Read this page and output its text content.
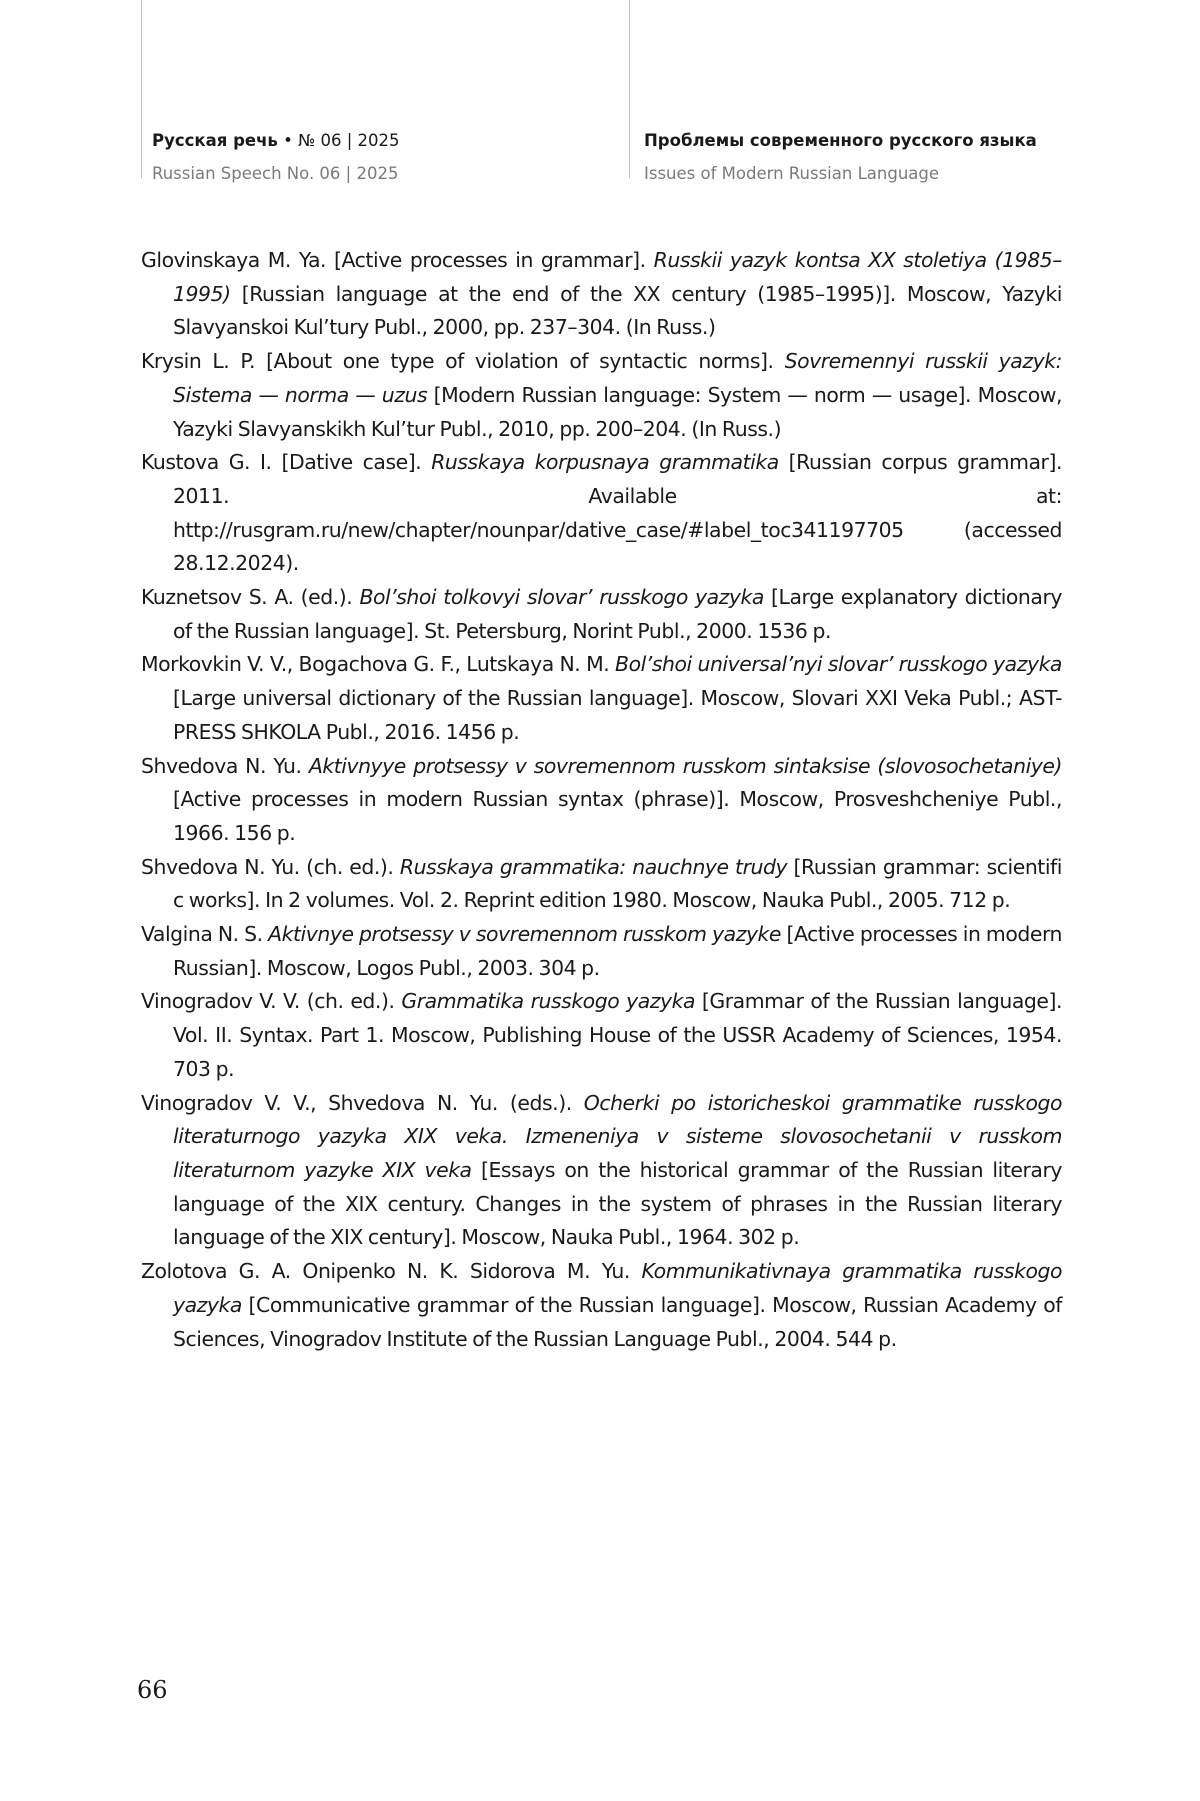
Русская речь • № 06 | 2025
Russian Speech No. 06 | 2025
Проблемы современного русского языка
Issues of Modern Russian Language
Glovinskaya M. Ya. [Active processes in grammar]. Russkii yazyk kontsa XX stoletiya (1985–1995) [Russian language at the end of the XX century (1985–1995)]. Moscow, Yazyki Slavyanskoi Kul’tury Publ., 2000, pp. 237–304. (In Russ.)
Krysin L. P. [About one type of violation of syntactic norms]. Sovremennyi russkii yazyk: Sistema — norma — uzus [Modern Russian language: System — norm — usage]. Moscow, Yazyki Slavyanskikh Kul’tur Publ., 2010, pp. 200–204. (In Russ.)
Kustova G. I. [Dative case]. Russkaya korpusnaya grammatika [Russian corpus grammar]. 2011. Available at: http://rusgram.ru/new/chapter/nounpar/dative_case/#label_toc341197705 (accessed 28.12.2024).
Kuznetsov S. A. (ed.). Bol’shoi tolkovyi slovar’ russkogo yazyka [Large explanatory dictionary of the Russian language]. St. Petersburg, Norint Publ., 2000. 1536 p.
Morkovkin V. V., Bogachova G. F., Lutskaya N. M. Bol’shoi universal’nyi slovar’ russkogo yazyka [Large universal dictionary of the Russian language]. Moscow, Slovari XXI Veka Publ.; AST-PRESS SHKOLA Publ., 2016. 1456 p.
Shvedova N. Yu. Aktivnyye protsessy v sovremennom russkom sintaksise (slovosochetaniye) [Active processes in modern Russian syntax (phrase)]. Moscow, Prosveshcheniye Publ., 1966. 156 p.
Shvedova N. Yu. (ch. ed.). Russkaya grammatika: nauchnye trudy [Russian grammar: scientifi c works]. In 2 volumes. Vol. 2. Reprint edition 1980. Moscow, Nauka Publ., 2005. 712 p.
Valgina N. S. Aktivnye protsessy v sovremennom russkom yazyke [Active processes in modern Russian]. Moscow, Logos Publ., 2003. 304 p.
Vinogradov V. V. (ch. ed.). Grammatika russkogo yazyka [Grammar of the Russian language]. Vol. II. Syntax. Part 1. Moscow, Publishing House of the USSR Academy of Sciences, 1954. 703 p.
Vinogradov V. V., Shvedova N. Yu. (eds.). Ocherki po istoricheskoi grammatike russkogo literaturnogo yazyka XIX veka. Izmeneniya v sisteme slovosochetanii v russkom literaturnom yazyke XIX veka [Essays on the historical grammar of the Russian literary language of the XIX century. Changes in the system of phrases in the Russian literary language of the XIX century]. Moscow, Nauka Publ., 1964. 302 p.
Zolotova G. A. Onipenko N. K. Sidorova M. Yu. Kommunikativnaya grammatika russkogo yazyka [Communicative grammar of the Russian language]. Moscow, Russian Academy of Sciences, Vinogradov Institute of the Russian Language Publ., 2004. 544 p.
66
